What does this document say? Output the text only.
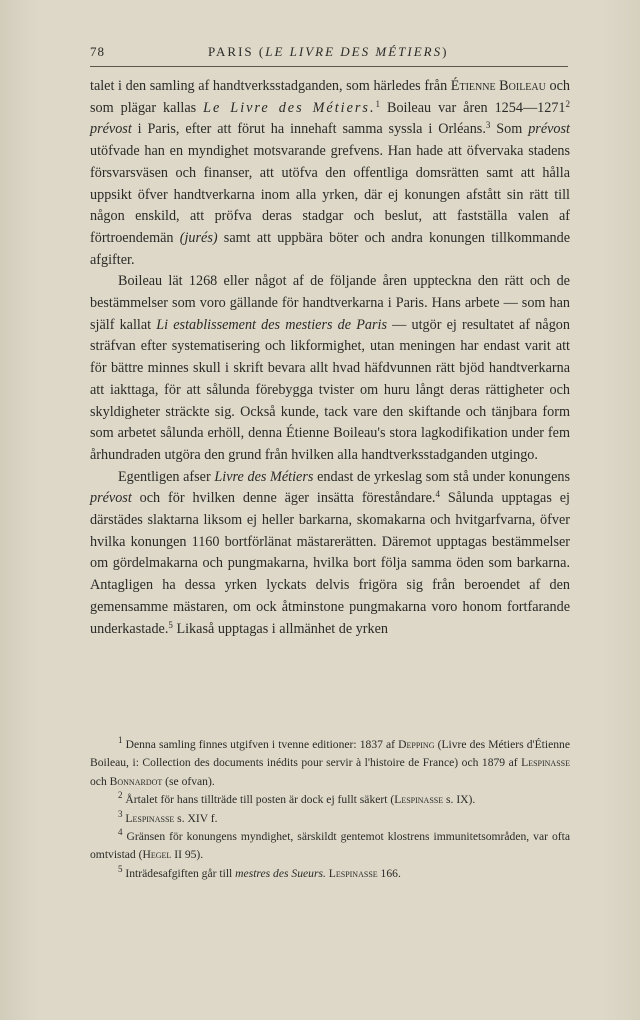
78	PARIS (LE LIVRE DES MÉTIERS)

talet i den samling af handtverksstadganden, som härledes från Étienne Boileau och som plägar kallas Le Livre des Métiers.$^1$ Boileau var åren 1254—1271$^2$ prévost i Paris, efter att förut ha innehaft samma syssla i Orléans.$^3$ Som prévost utöfvade han en myndighet motsvarande grefvens. Han hade att öfvervaka stadens försvarsväsen och finanser, att utöfva den offentliga domsrätten samt att hålla uppsikt öfver handtverkarna inom alla yrken, där ej konungen afstått sin rätt till någon enskild, att pröfva deras stadgar och beslut, att fastställa valen af förtroendemän (jurés) samt att uppbära böter och andra konungen tillkommande afgifter.

Boileau lät 1268 eller något af de följande åren uppteckna den rätt och de bestämmelser som voro gällande för handtverkarna i Paris. Hans arbete — som han själf kallat Li establissement des mestiers de Paris — utgör ej resultatet af någon sträfvan efter systematisering och likformighet, utan meningen har endast varit att för bättre minnes skull i skrift bevara allt hvad häfdvunnen rätt bjöd handtverkarna att iakttaga, för att sålunda förebygga tvister om huru långt deras rättigheter och skyldigheter sträckte sig. Också kunde, tack vare den skiftande och tänjbara form som arbetet sålunda erhöll, denna Étienne Boileau's stora lagkodifikation under fem århundraden utgöra den grund från hvilken alla handtverksstadganden utgingo.

Egentligen afser Livre des Métiers endast de yrkeslag som stå under konungens prévost och för hvilken denne äger insätta föreståndare.$^4$ Sålunda upptagas ej därstädes slaktarna liksom ej heller barkarna, skomakarna och hvitgarfvarna, öfver hvilka konungen 1160 bortförlänat mästarerätten. Däremot upptagas bestämmelser om gördelmakarna och pungmakarna, hvilka bort följa samma öden som barkarna. Antagligen ha dessa yrken lyckats delvis frigöra sig från beroendet af den gemensamme mästaren, om ock åtminstone pungmakarna voro honom fortfarande underkastade.$^5$ Likaså upptagas i allmänhet de yrken

$^1$ Denna samling finnes utgifven i tvenne editioner: 1837 af Depping (Livre des Métiers d'Étienne Boileau, i: Collection des documents inédits pour servir à l'histoire de France) och 1879 af Lespinasse och Bonnardot (se ofvan).

$^2$ Årtalet för hans tillträde till posten är dock ej fullt säkert (Lespinasse s. IX).

$^3$ Lespinasse s. XIV f.

$^4$ Gränsen för konungens myndighet, särskildt gentemot klostrens immunitetsområden, var ofta omtvistad (Hegel II 95).

$^5$ Inträdesafgiften går till mestres des Sueurs. Lespinasse 166.
